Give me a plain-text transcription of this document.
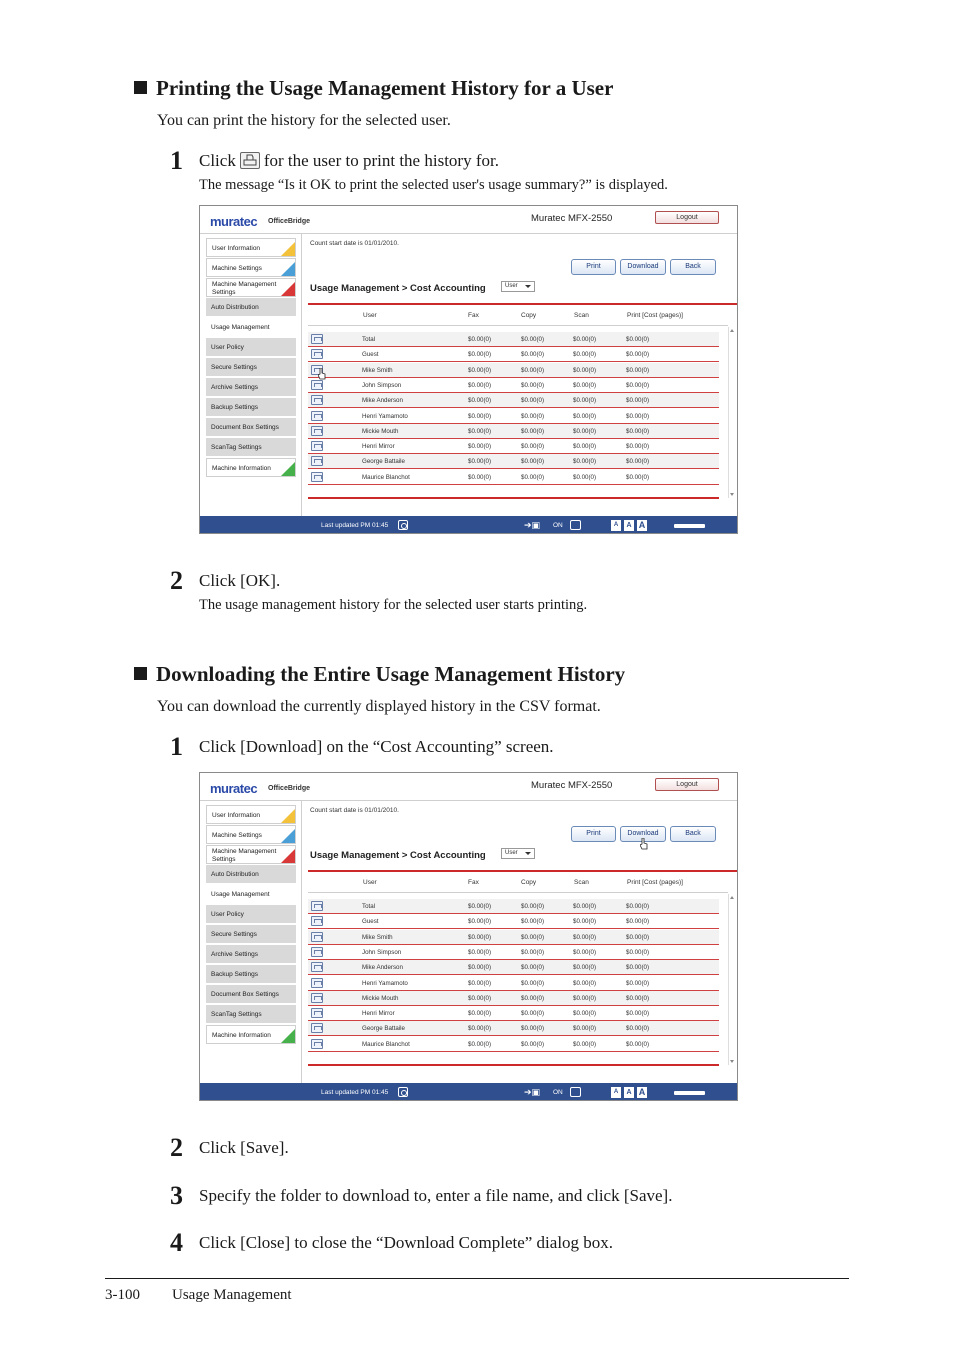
Printing the Usage Management History for a User
You can print the history for the selected user.
1 Click for the user to print the history for.
The message “Is it OK to print the selected user's usage summary?” is displayed.
muratec OfficeBridge	Muratec MFX-2550	Logout
User Information
Machine Settings
Machine Management
Settings
Auto Distribution
Usage Management
User Policy
Secure Settings
Archive Settings
Backup Settings
Document Box Settings
ScanTag Settings
Machine Information
Count start date is 01/01/2010.
Print	Download	Back
Usage Management > Cost Accounting	User
User	Fax	Copy	Scan	Print [Cost (pages)]
Total	$0.00(0)	$0.00(0)	$0.00(0)	$0.00(0)
Guest	$0.00(0)	$0.00(0)	$0.00(0)	$0.00(0)
Mike Smith	$0.00(0)	$0.00(0)	$0.00(0)	$0.00(0)
John Simpson	$0.00(0)	$0.00(0)	$0.00(0)	$0.00(0)
Mike Anderson	$0.00(0)	$0.00(0)	$0.00(0)	$0.00(0)
Henri Yamamoto	$0.00(0)	$0.00(0)	$0.00(0)	$0.00(0)
Mickie Mouth	$0.00(0)	$0.00(0)	$0.00(0)	$0.00(0)
Henri Mirror	$0.00(0)	$0.00(0)	$0.00(0)	$0.00(0)
George Battaile	$0.00(0)	$0.00(0)	$0.00(0)	$0.00(0)
Maurice Blanchot	$0.00(0)	$0.00(0)	$0.00(0)	$0.00(0)
Last updated PM 01:45	➔▣ ON	A	A A
2 Click [OK].
The usage management history for the selected user starts printing.
Downloading the Entire Usage Management History
You can download the currently displayed history in the CSV format.
1 Click [Download] on the “Cost Accounting” screen.
muratec OfficeBridge	Muratec MFX-2550	Logout
User Information
Machine Settings
Machine Management
Settings
Auto Distribution
Usage Management
User Policy
Secure Settings
Archive Settings
Backup Settings
Document Box Settings
ScanTag Settings
Machine Information
Count start date is 01/01/2010.
Print	Download	Back
Usage Management > Cost Accounting	User
User	Fax	Copy	Scan	Print [Cost (pages)]
Total	$0.00(0)	$0.00(0)	$0.00(0)	$0.00(0)
Guest	$0.00(0)	$0.00(0)	$0.00(0)	$0.00(0)
Mike Smith	$0.00(0)	$0.00(0)	$0.00(0)	$0.00(0)
John Simpson	$0.00(0)	$0.00(0)	$0.00(0)	$0.00(0)
Mike Anderson	$0.00(0)	$0.00(0)	$0.00(0)	$0.00(0)
Henri Yamamoto	$0.00(0)	$0.00(0)	$0.00(0)	$0.00(0)
Mickie Mouth	$0.00(0)	$0.00(0)	$0.00(0)	$0.00(0)
Henri Mirror	$0.00(0)	$0.00(0)	$0.00(0)	$0.00(0)
George Battaile	$0.00(0)	$0.00(0)	$0.00(0)	$0.00(0)
Maurice Blanchot	$0.00(0)	$0.00(0)	$0.00(0)	$0.00(0)
Last updated PM 01:45	➔▣ ON	A	A A
2 Click [Save].
3 Specify the folder to download to, enter a file name, and click [Save].
4 Click [Close] to close the “Download Complete” dialog box.
3-100 Usage Management
